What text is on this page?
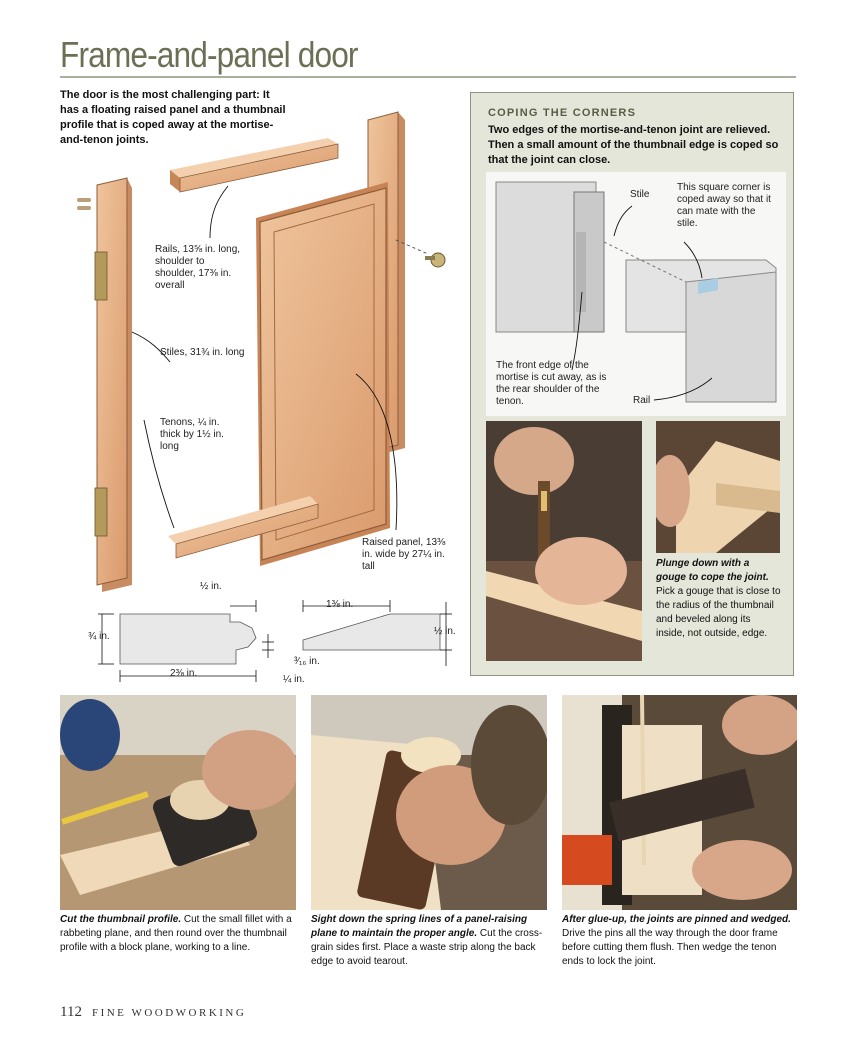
Frame-and-panel door
The door is the most challenging part: It has a floating raised panel and a thumbnail profile that is coped away at the mortise-and-tenon joints.
Rails, 13⅝ in. long, shoulder to shoulder, 17⅜ in. overall
Stiles, 31¾ in. long
Tenons, ¼ in. thick by 1½ in. long
Raised panel, 13⅜ in. wide by 27¼ in. tall
½ in.
¾ in.
2⅜ in.
³⁄₁₆ in.
¼ in.
1⅜ in.
½ in.
COPING THE CORNERS
Two edges of the mortise-and-tenon joint are relieved. Then a small amount of the thumbnail edge is coped so that the joint can close.
Stile
This square corner is coped away so that it can mate with the stile.
The front edge of the mortise is cut away, as is the rear shoulder of the tenon.	Rail
Plunge down with a gouge to cope the joint. Pick a gouge that is close to the radius of the thumbnail and beveled along its inside, not outside, edge.
Cut the thumbnail profile. Cut the small fillet with a rabbeting plane, and then round over the thumbnail profile with a block plane, working to a line.
Sight down the spring lines of a panel-raising plane to maintain the proper angle. Cut the cross-grain sides first. Place a waste strip along the back edge to avoid tearout.
After glue-up, the joints are pinned and wedged. Drive the pins all the way through the door frame before cutting them flush. Then wedge the tenon ends to lock the joint.
112 FINE WOODWORKING
